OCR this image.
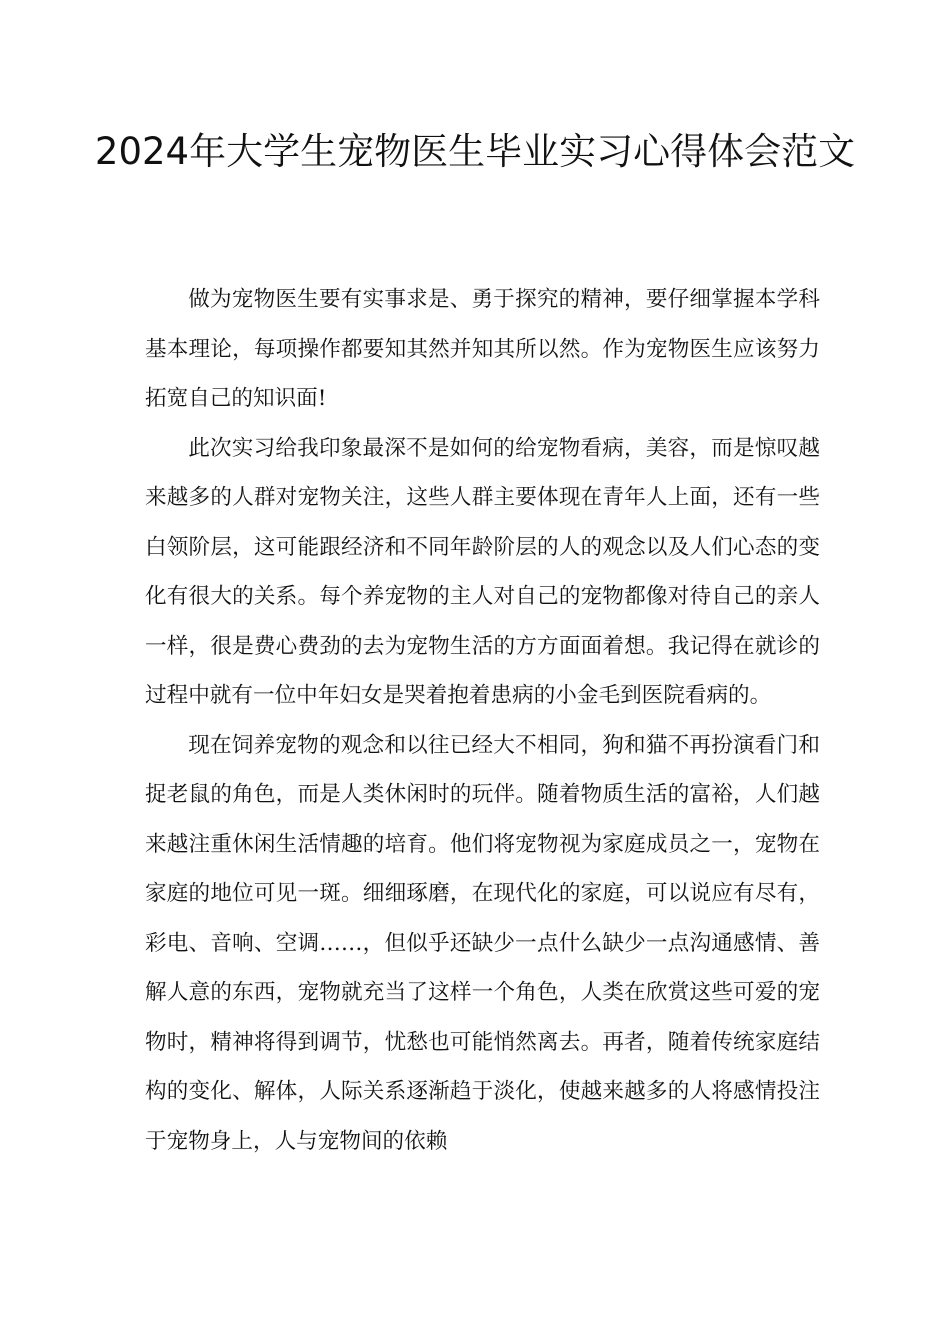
2024年大学生宠物医生毕业实习心得体会范文

做为宠物医生要有实事求是、勇于探究的精神，要仔细掌握本学科基本理论，每项操作都要知其然并知其所以然。作为宠物医生应该努力拓宽自己的知识面!

此次实习给我印象最深不是如何的给宠物看病，美容，而是惊叹越来越多的人群对宠物关注，这些人群主要体现在青年人上面，还有一些白领阶层，这可能跟经济和不同年龄阶层的人的观念以及人们心态的变化有很大的关系。每个养宠物的主人对自己的宠物都像对待自己的亲人一样，很是费心费劲的去为宠物生活的方方面面着想。我记得在就诊的过程中就有一位中年妇女是哭着抱着患病的小金毛到医院看病的。

现在饲养宠物的观念和以往已经大不相同，狗和猫不再扮演看门和捉老鼠的角色，而是人类休闲时的玩伴。随着物质生活的富裕，人们越来越注重休闲生活情趣的培育。他们将宠物视为家庭成员之一，宠物在家庭的地位可见一斑。细细琢磨，在现代化的家庭，可以说应有尽有，彩电、音响、空调……，但似乎还缺少一点什么缺少一点沟通感情、善解人意的东西，宠物就充当了这样一个角色，人类在欣赏这些可爱的宠物时，精神将得到调节，忧愁也可能悄然离去。再者，随着传统家庭结构的变化、解体，人际关系逐渐趋于淡化，使越来越多的人将感情投注于宠物身上，人与宠物间的依赖
